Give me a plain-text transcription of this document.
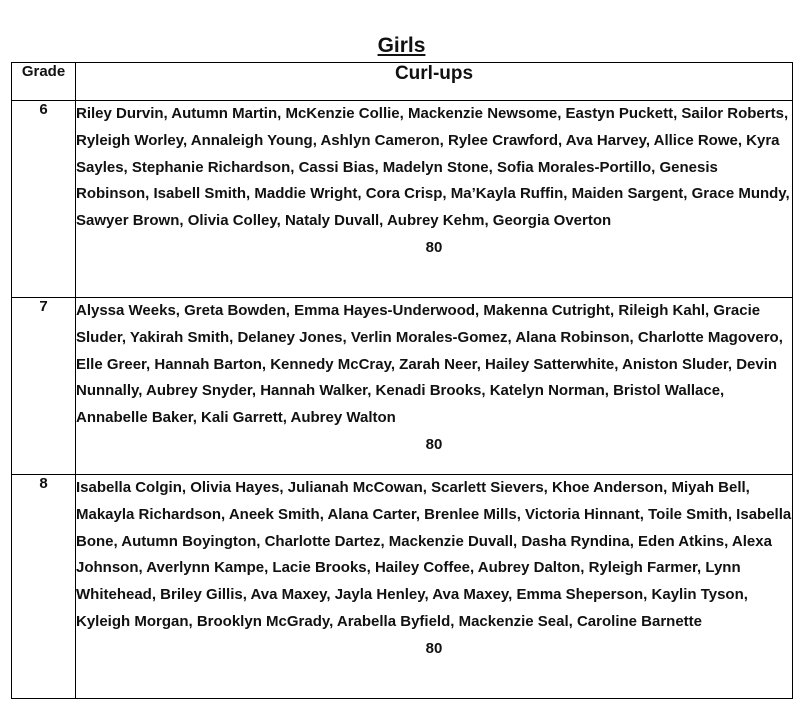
Girls
Grade	Curl-ups
6	Riley Durvin, Autumn Martin, McKenzie Collie, Mackenzie Newsome, Eastyn Puckett, Sailor Roberts, Ryleigh Worley, Annaleigh Young, Ashlyn Cameron, Rylee Crawford, Ava Harvey, Allice Rowe, Kyra Sayles, Stephanie Richardson, Cassi Bias, Madelyn Stone, Sofia Morales-Portillo, Genesis Robinson, Isabell Smith, Maddie Wright, Cora Crisp, Ma’Kayla Ruffin, Maiden Sargent, Grace Mundy, Sawyer Brown, Olivia Colley, Nataly Duvall, Aubrey Kehm, Georgia Overton

80

7	Alyssa Weeks, Greta Bowden, Emma Hayes-Underwood, Makenna Cutright, Rileigh Kahl, Gracie Sluder, Yakirah Smith, Delaney Jones, Verlin Morales-Gomez, Alana Robinson, Charlotte Magovero, Elle Greer, Hannah Barton, Kennedy McCray, Zarah Neer, Hailey Satterwhite, Aniston Sluder, Devin Nunnally, Aubrey Snyder, Hannah Walker, Kenadi Brooks, Katelyn Norman, Bristol Wallace, Annabelle Baker, Kali Garrett, Aubrey Walton

80

8	Isabella Colgin, Olivia Hayes, Julianah McCowan, Scarlett Sievers, Khoe Anderson, Miyah Bell, Makayla Richardson, Aneek Smith, Alana Carter, Brenlee Mills, Victoria Hinnant, Toile Smith, Isabella Bone, Autumn Boyington, Charlotte Dartez, Mackenzie Duvall, Dasha Ryndina, Eden Atkins, Alexa Johnson, Averlynn Kampe, Lacie Brooks, Hailey Coffee, Aubrey Dalton, Ryleigh Farmer, Lynn Whitehead, Briley Gillis, Ava Maxey, Jayla Henley, Ava Maxey, Emma Sheperson, Kaylin Tyson, Kyleigh Morgan, Brooklyn McGrady, Arabella Byfield, Mackenzie Seal, Caroline Barnette

80
